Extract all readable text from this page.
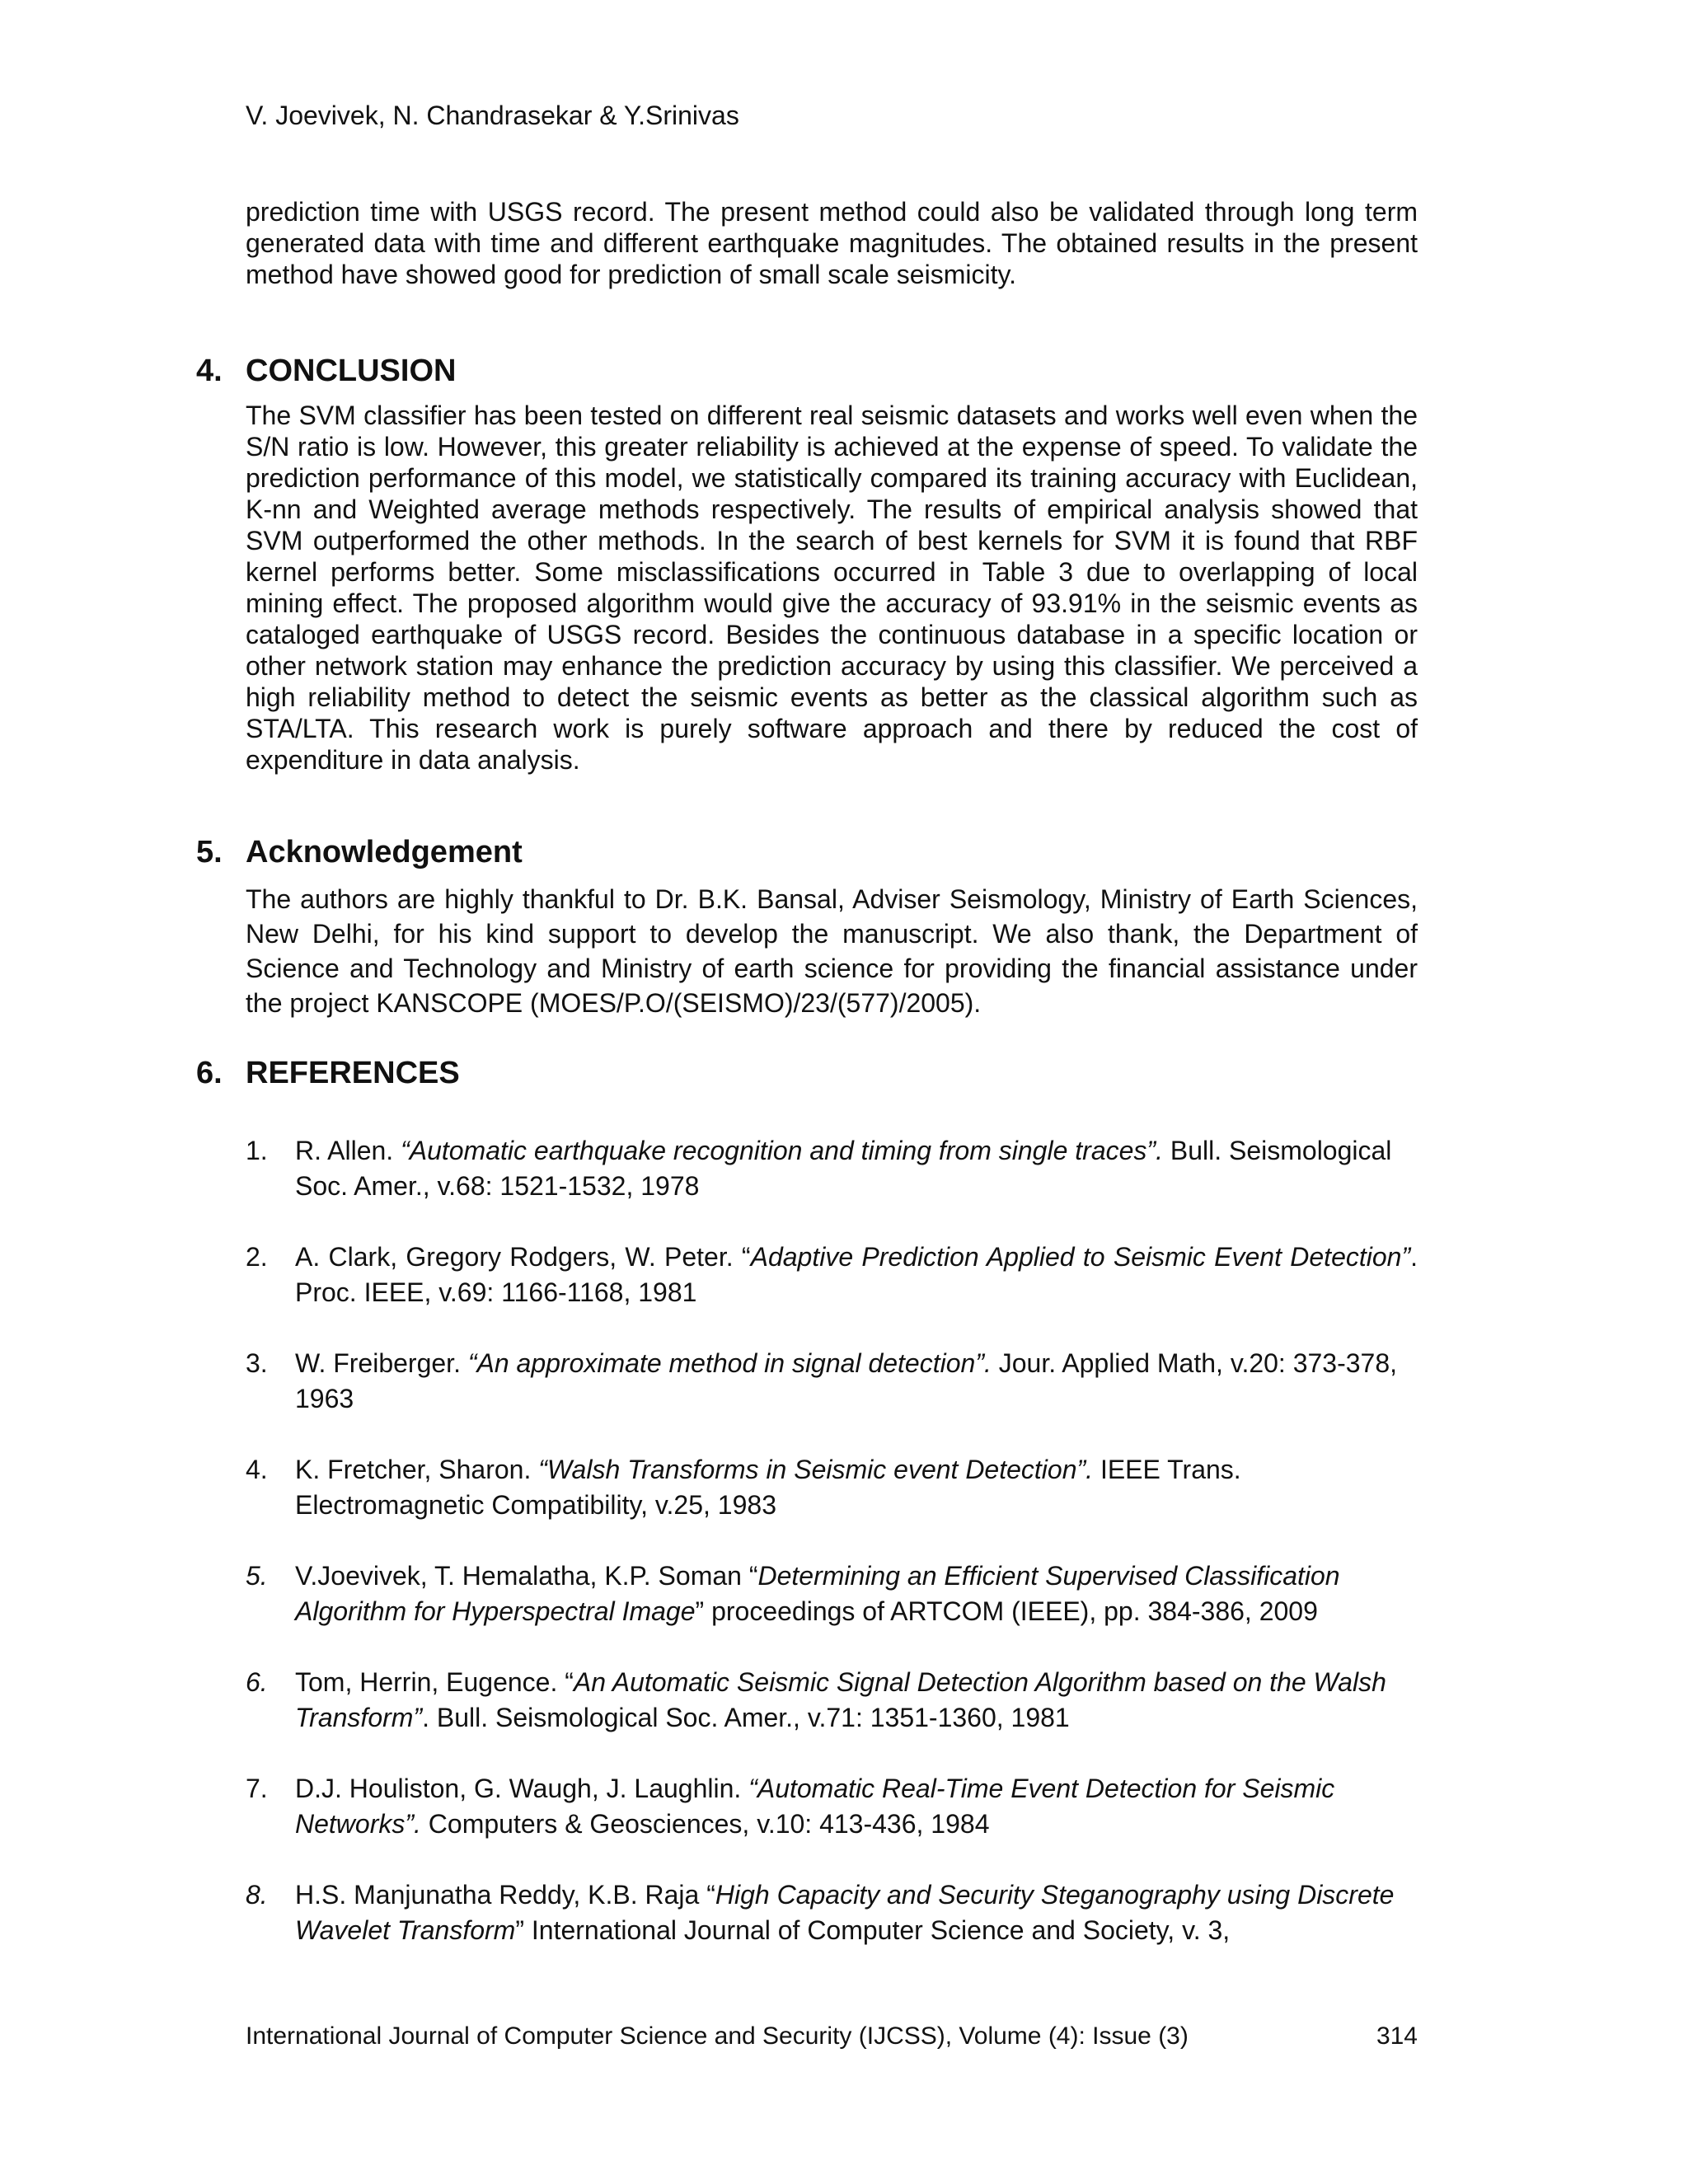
V. Joevivek, N. Chandrasekar & Y.Srinivas

prediction time with USGS record. The present method could also be validated through long term generated data with time and different earthquake magnitudes. The obtained results in the present method have showed good for prediction of small scale seismicity.

4. CONCLUSION

The SVM classifier has been tested on different real seismic datasets and works well even when the S/N ratio is low. However, this greater reliability is achieved at the expense of speed. To validate the prediction performance of this model, we statistically compared its training accuracy with Euclidean, K-nn and Weighted average methods respectively. The results of empirical analysis showed that SVM outperformed the other methods. In the search of best kernels for SVM it is found that RBF kernel performs better. Some misclassifications occurred in Table 3 due to overlapping of local mining effect. The proposed algorithm would give the accuracy of 93.91% in the seismic events as cataloged earthquake of USGS record. Besides the continuous database in a specific location or other network station may enhance the prediction accuracy by using this classifier. We perceived a high reliability method to detect the seismic events as better as the classical algorithm such as STA/LTA. This research work is purely software approach and there by reduced the cost of expenditure in data analysis.

5. Acknowledgement

The authors are highly thankful to Dr. B.K. Bansal, Adviser Seismology, Ministry of Earth Sciences, New Delhi, for his kind support to develop the manuscript. We also thank, the Department of Science and Technology and Ministry of earth science for providing the financial assistance under the project KANSCOPE (MOES/P.O/(SEISMO)/23/(577)/2005).

6. REFERENCES
1.	R. Allen. “Automatic earthquake recognition and timing from single traces”. Bull. Seismological Soc. Amer., v.68: 1521-1532, 1978
2.	A. Clark, Gregory Rodgers, W. Peter. “Adaptive Prediction Applied to Seismic Event Detection”. Proc. IEEE, v.69: 1166-1168, 1981
3.	W. Freiberger. “An approximate method in signal detection”. Jour. Applied Math, v.20: 373-378, 1963
4.	K. Fretcher, Sharon. “Walsh Transforms in Seismic event Detection”. IEEE Trans. Electromagnetic Compatibility, v.25, 1983
5.	V.Joevivek, T. Hemalatha, K.P. Soman “Determining an Efficient Supervised Classification Algorithm for Hyperspectral Image” proceedings of ARTCOM (IEEE), pp. 384-386, 2009
6.	Tom, Herrin, Eugence. “An Automatic Seismic Signal Detection Algorithm based on the Walsh Transform”. Bull. Seismological Soc. Amer., v.71: 1351-1360, 1981
7.	D.J. Houliston, G. Waugh, J. Laughlin. “Automatic Real-Time Event Detection for Seismic Networks”. Computers & Geosciences, v.10: 413-436, 1984
8.	H.S. Manjunatha Reddy, K.B. Raja “High Capacity and Security Steganography using Discrete Wavelet Transform” International Journal of Computer Science and Society, v. 3,
International Journal of Computer Science and Security (IJCSS), Volume (4): Issue (3)	314
